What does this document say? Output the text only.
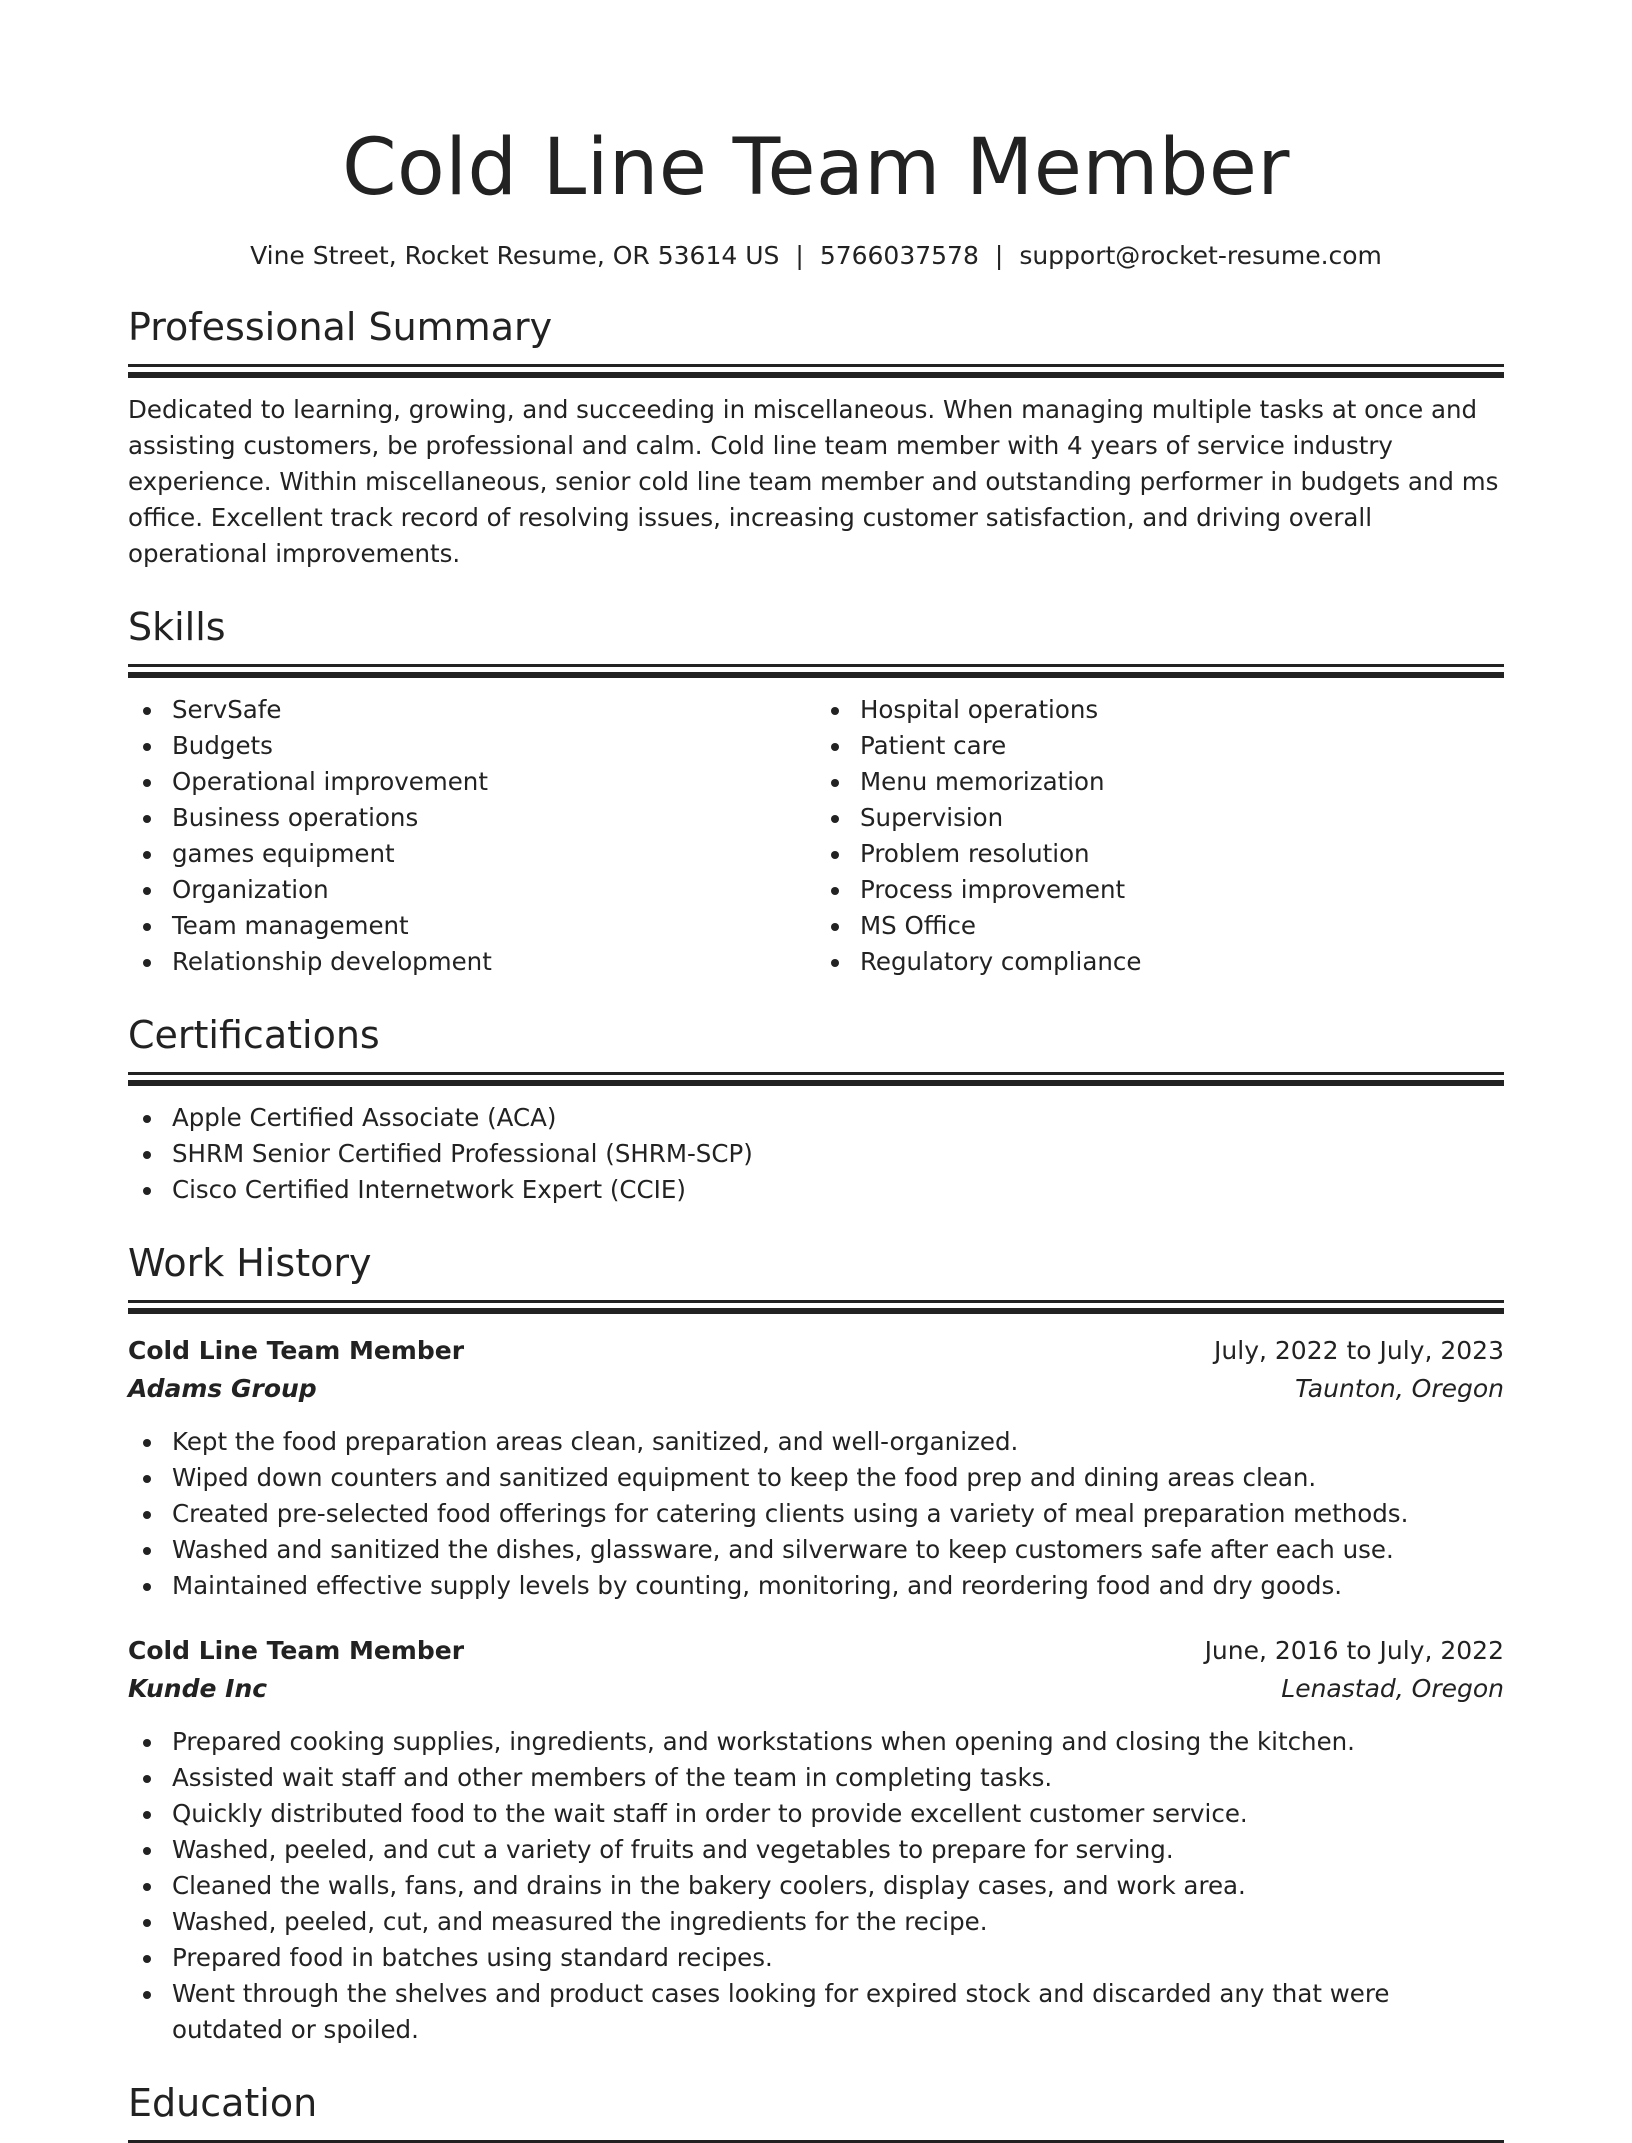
Cold Line Team Member
Vine Street, Rocket Resume, OR 53614 US | 5766037578 | support@rocket-resume.com
Professional Summary

Dedicated to learning, growing, and succeeding in miscellaneous. When managing multiple tasks at once and assisting customers, be professional and calm. Cold line team member with 4 years of service industry experience. Within miscellaneous, senior cold line team member and outstanding performer in budgets and ms office. Excellent track record of resolving issues, increasing customer satisfaction, and driving overall operational improvements.

Skills
ServSafe
Budgets
Operational improvement
Business operations
games equipment
Organization
Team management
Relationship development
Hospital operations
Patient care
Menu memorization
Supervision
Problem resolution
Process improvement
MS Office
Regulatory compliance
Certifications
Apple Certified Associate (ACA)
SHRM Senior Certified Professional (SHRM-SCP)
Cisco Certified Internetwork Expert (CCIE)
Work History
Cold Line Team Member	July, 2022 to July, 2023
Adams Group	Taunton, Oregon
Kept the food preparation areas clean, sanitized, and well-organized.
Wiped down counters and sanitized equipment to keep the food prep and dining areas clean.
Created pre-selected food offerings for catering clients using a variety of meal preparation methods.
Washed and sanitized the dishes, glassware, and silverware to keep customers safe after each use.
Maintained effective supply levels by counting, monitoring, and reordering food and dry goods.
Cold Line Team Member	June, 2016 to July, 2022
Kunde Inc	Lenastad, Oregon
Prepared cooking supplies, ingredients, and workstations when opening and closing the kitchen.
Assisted wait staff and other members of the team in completing tasks.
Quickly distributed food to the wait staff in order to provide excellent customer service.
Washed, peeled, and cut a variety of fruits and vegetables to prepare for serving.
Cleaned the walls, fans, and drains in the bakery coolers, display cases, and work area.
Washed, peeled, cut, and measured the ingredients for the recipe.
Prepared food in batches using standard recipes.
Went through the shelves and product cases looking for expired stock and discarded any that were outdated or spoiled.
Education
